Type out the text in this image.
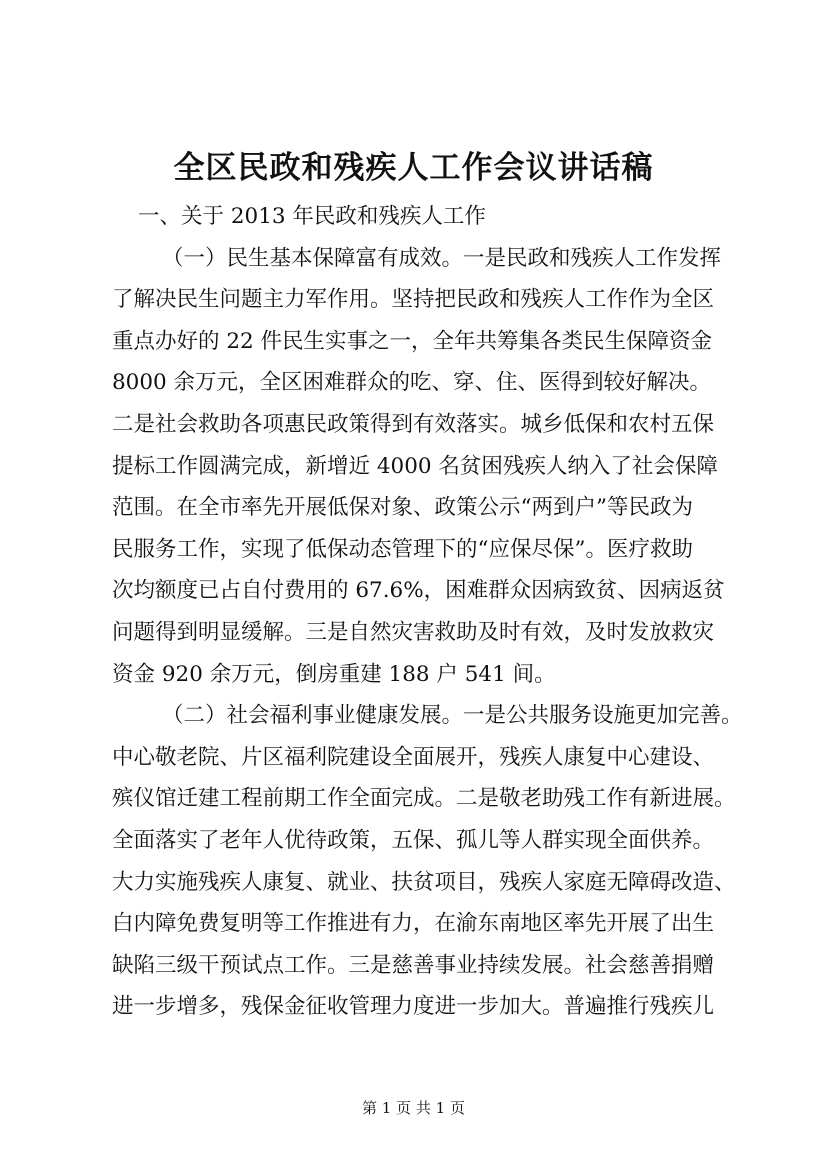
全区民政和残疾人工作会议讲话稿
一、关于 2013 年民政和残疾人工作
（一）民生基本保障富有成效。一是民政和残疾人工作发挥
了解决民生问题主力军作用。坚持把民政和残疾人工作作为全区
重点办好的 22 件民生实事之一，全年共筹集各类民生保障资金
8000 余万元，全区困难群众的吃、穿、住、医得到较好解决。
二是社会救助各项惠民政策得到有效落实。城乡低保和农村五保
提标工作圆满完成，新增近 4000 名贫困残疾人纳入了社会保障
范围。在全市率先开展低保对象、政策公示“两到户”等民政为
民服务工作，实现了低保动态管理下的“应保尽保”。医疗救助
次均额度已占自付费用的 67.6%，困难群众因病致贫、因病返贫
问题得到明显缓解。三是自然灾害救助及时有效，及时发放救灾
资金 920 余万元，倒房重建 188 户 541 间。
（二）社会福利事业健康发展。一是公共服务设施更加完善。
中心敬老院、片区福利院建设全面展开，残疾人康复中心建设、
殡仪馆迁建工程前期工作全面完成。二是敬老助残工作有新进展。
全面落实了老年人优待政策，五保、孤儿等人群实现全面供养。
大力实施残疾人康复、就业、扶贫项目，残疾人家庭无障碍改造、
白内障免费复明等工作推进有力，在渝东南地区率先开展了出生
缺陷三级干预试点工作。三是慈善事业持续发展。社会慈善捐赠
进一步增多，残保金征收管理力度进一步加大。普遍推行残疾儿
第 1 页 共 1 页
